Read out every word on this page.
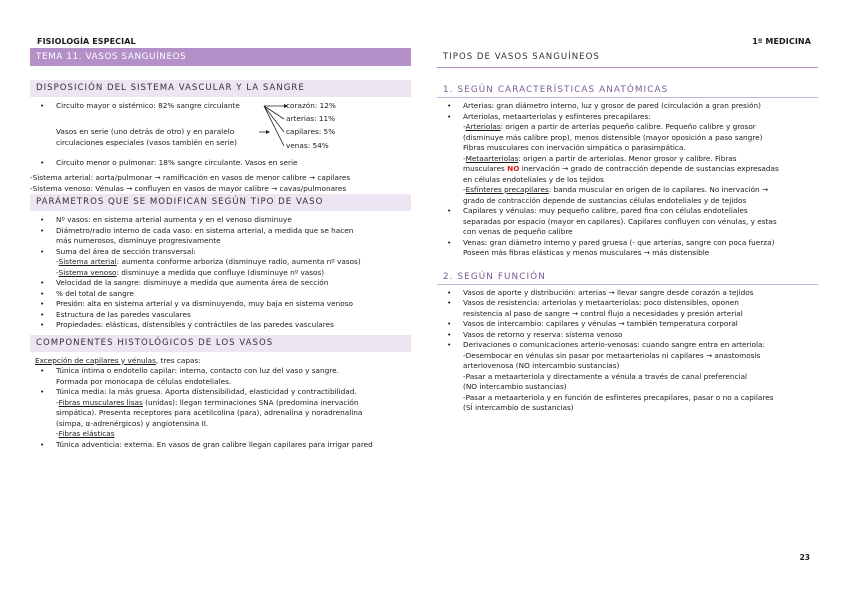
FISIOLOGÍA ESPECIAL	1º MEDICINA
TEMA 11. VASOS SANGUÍNEOS
DISPOSICIÓN DEL SISTEMA VASCULAR Y LA SANGRE
• Circuito mayor o sistémico: 82% sangre circulante	corazón: 12%
arterias: 11%
capilares: 5%
venas: 54%
Vasos en serie (uno detrás de otro) y en paralelo
circulaciones especiales (vasos también en serie)
• Circuito menor o pulmonar: 18% sangre circulante. Vasos en serie
-Sistema arterial: aorta/pulmonar → ramificación en vasos de menor calibre → capilares
-Sistema venoso: Vénulas → confluyen en vasos de mayor calibre → cavas/pulmonares
PARÁMETROS QUE SE MODIFICAN SEGÚN TIPO DE VASO
• Nº vasos: en sistema arterial aumenta y en el venoso disminuye
• Diámetro/radio interno de cada vaso: en sistema arterial, a medida que se hacen
más numerosos, disminuye progresivamente
• Suma del área de sección transversal:
-Sistema arterial: aumenta conforme arboriza (disminuye radio, aumenta nº vasos)
-Sistema venoso: disminuye a medida que confluye (disminuye nº vasos)
• Velocidad de la sangre: disminuye a medida que aumenta área de sección
• % del total de sangre
• Presión: alta en sistema arterial y va disminuyendo, muy baja en sistema venoso
• Estructura de las paredes vasculares
• Propiedades: elásticas, distensibles y contráctiles de las paredes vasculares
COMPONENTES HISTOLÓGICOS DE LOS VASOS
Excepción de capilares y vénulas, tres capas:
• Túnica íntima o endotelio capilar: interna, contacto con luz del vaso y sangre.
Formada por monocapa de células endoteliales.
• Túnica media: la más gruesa. Aporta distensibilidad, elasticidad y contractibilidad.
-Fibras musculares lisas (unidas): llegan terminaciones SNA (predomina inervación
simpática). Presenta receptores para acetilcolina (para), adrenalina y noradrenalina
(simpa, α-adrenérgicos) y angiotensina II.
-Fibras elásticas
• Túnica adventicia: externa. En vasos de gran calibre llegan capilares para irrigar pared
TIPOS DE VASOS SANGUÍNEOS
1. SEGÚN CARACTERÍSTICAS ANATÓMICAS
• Arterias: gran diámetro interno, luz y grosor de pared (circulación a gran presión)
• Arteriolas, metaarteriolas y esfínteres precapilares:
-Arteriolas: origen a partir de arterias pequeño calibre. Pequeño calibre y grosor
(disminuye más calibre prop), menos distensible (mayor oposición a paso sangre)
Fibras musculares con inervación simpática o parasimpática.
-Metaarteriolas: origen a partir de arteriolas. Menor grosor y calibre. Fibras
musculares NO inervación → grado de contracción depende de sustancias expresadas
en células endoteliales y de los tejidos
-Esfínteres precapilares: banda muscular en origen de lo capilares. No inervación →
grado de contracción depende de sustancias células endoteliales y de tejidos
• Capilares y vénulas: muy pequeño calibre, pared fina con células endoteliales
separadas por espacio (mayor en capilares). Capilares confluyen con vénulas, y estas
con venas de pequeño calibre
• Venas: gran diámetro interno y pared gruesa (- que arterias, sangre con poca fuerza)
Poseen más fibras elásticas y menos musculares → más distensible
2. SEGÚN FUNCIÓN
• Vasos de aporte y distribución: arterias → llevar sangre desde corazón a tejidos
• Vasos de resistencia: arteriolas y metaarteriolas: poco distensibles, oponen
resistencia al paso de sangre → control flujo a necesidades y presión arterial
• Vasos de intercambio: capilares y vénulas → también temperatura corporal
• Vasos de retorno y reserva: sistema venoso
• Derivaciones o comunicaciones arterio-venosas: cuando sangre entra en arteriola:
-Desembocar en vénulas sin pasar por metaarteriolas ni capilares → anastomosis
arteriovenosa (NO intercambio sustancias)
-Pasar a metaarteriola y directamente a vénula a través de canal preferencial
(NO intercambio sustancias)
-Pasar a metaarteriola y en función de esfínteres precapilares, pasar o no a capilares
(SÍ intercambio de sustancias)
23
